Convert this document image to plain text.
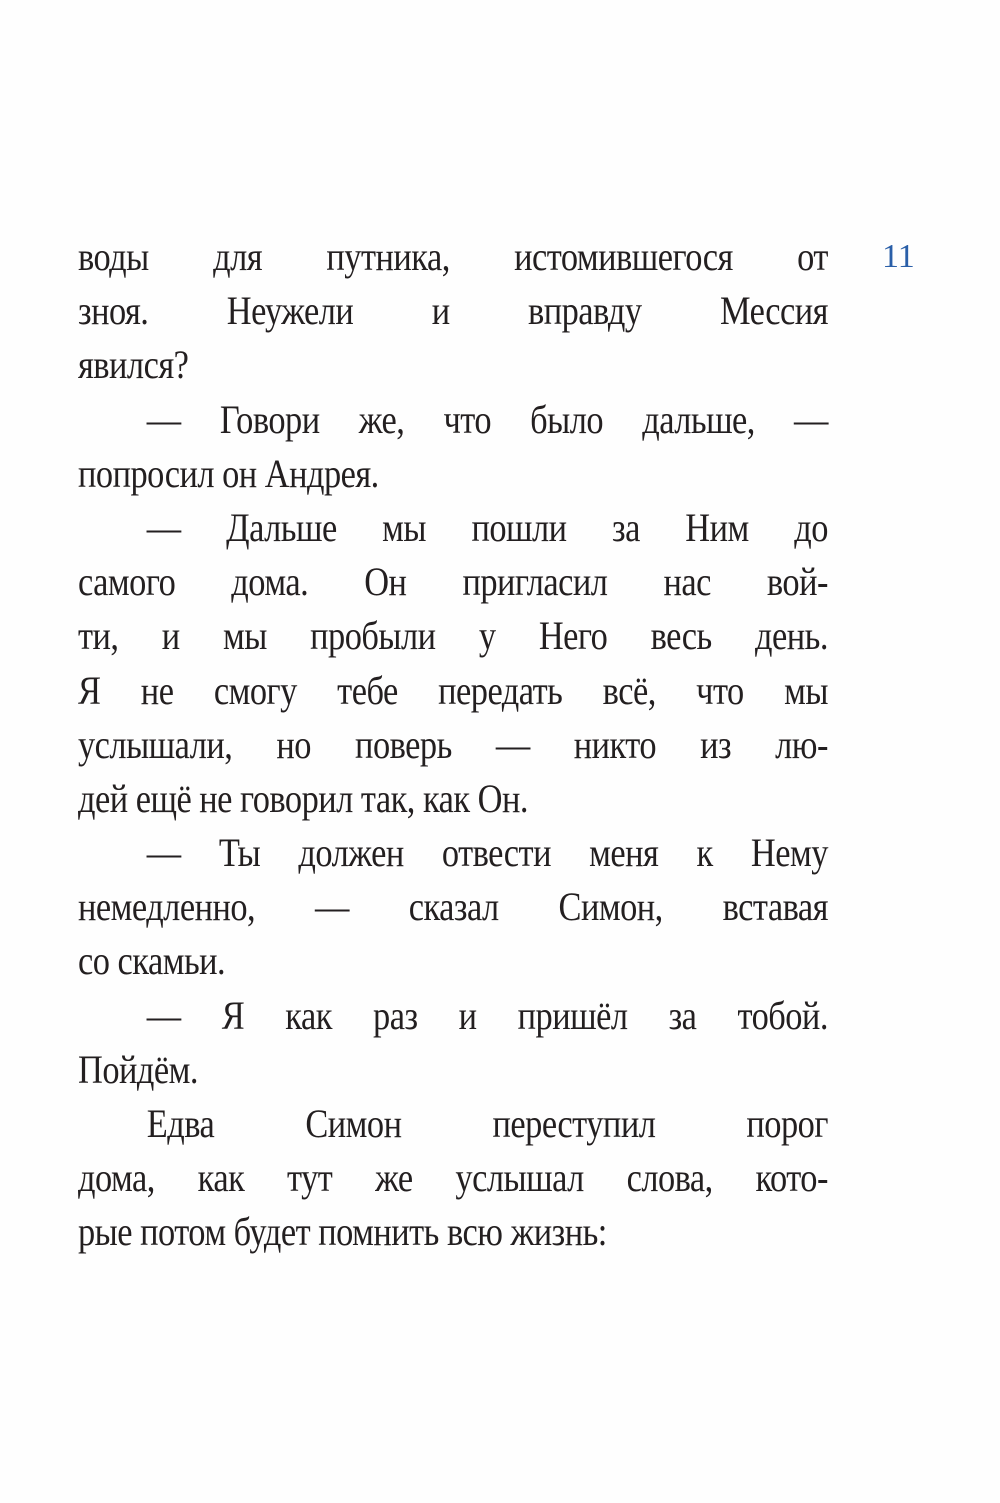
11
воды для путника, истомившегося от
зноя. Неужели и вправду Мессия
явился?
— Говори же, что было дальше, —
попросил он Андрея.
— Дальше мы пошли за Ним до
самого дома. Он пригласил нас вой-
ти, и мы пробыли у Него весь день.
Я не смогу тебе передать всё, что мы
услышали, но поверь — никто из лю-
дей ещё не говорил так, как Он.
— Ты должен отвести меня к Нему
немедленно, — сказал Симон, вставая
со скамьи.
— Я как раз и пришёл за тобой.
Пойдём.
Едва Симон переступил порог
дома, как тут же услышал слова, кото-
рые потом будет помнить всю жизнь:
